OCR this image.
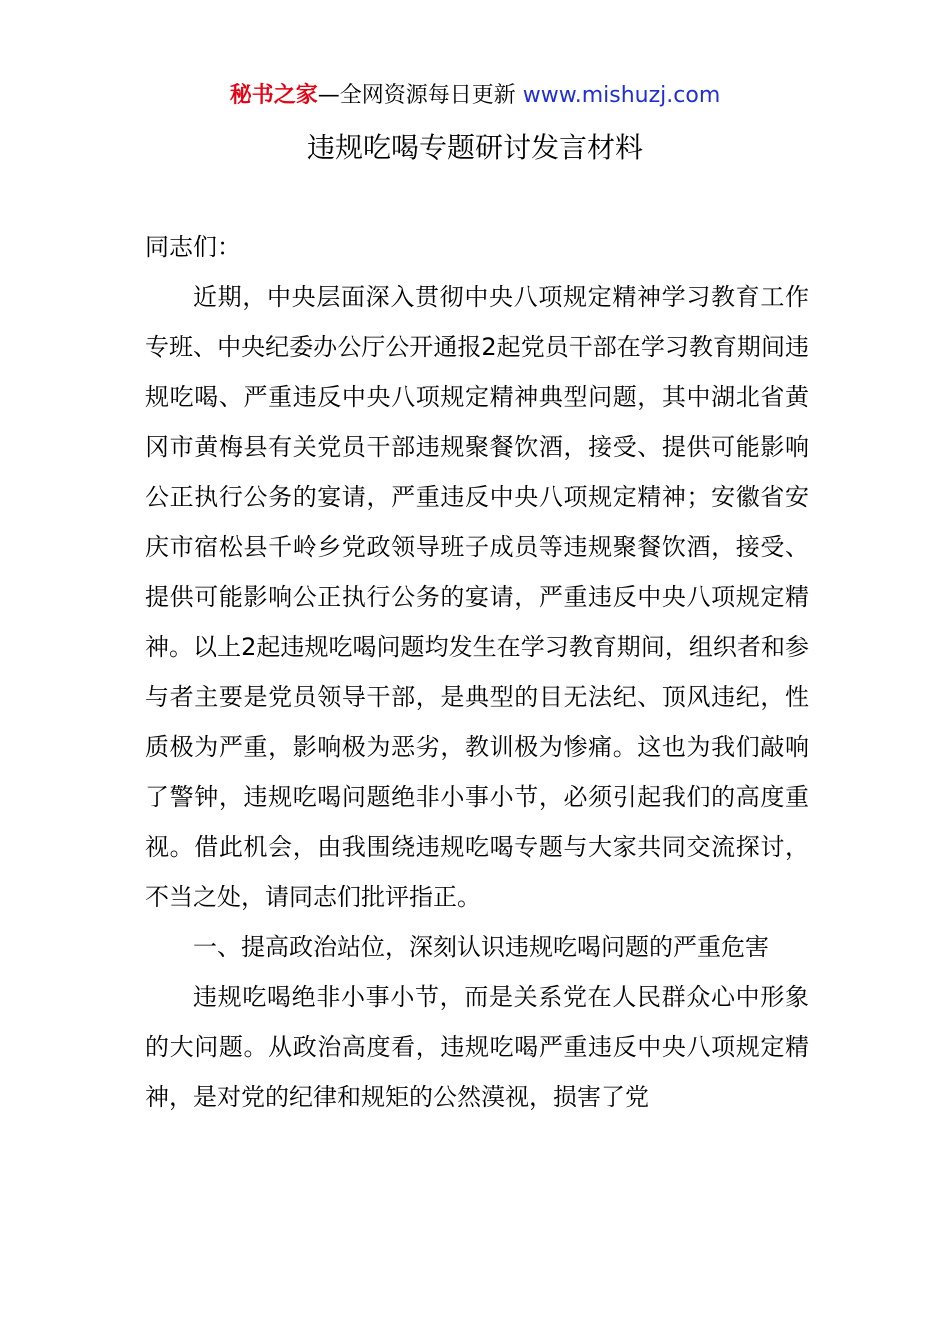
秘书之家—全网资源每日更新 www.mishuzj.com
违规吃喝专题研讨发言材料

同志们：

近期，中央层面深入贯彻中央八项规定精神学习教育工作专班、中央纪委办公厅公开通报2起党员干部在学习教育期间违规吃喝、严重违反中央八项规定精神典型问题，其中湖北省黄冈市黄梅县有关党员干部违规聚餐饮酒，接受、提供可能影响公正执行公务的宴请，严重违反中央八项规定精神；安徽省安庆市宿松县千岭乡党政领导班子成员等违规聚餐饮酒，接受、提供可能影响公正执行公务的宴请，严重违反中央八项规定精神。以上2起违规吃喝问题均发生在学习教育期间，组织者和参与者主要是党员领导干部，是典型的目无法纪、顶风违纪，性质极为严重，影响极为恶劣，教训极为惨痛。这也为我们敲响了警钟，违规吃喝问题绝非小事小节，必须引起我们的高度重视。借此机会，由我围绕违规吃喝专题与大家共同交流探讨，不当之处，请同志们批评指正。

一、提高政治站位，深刻认识违规吃喝问题的严重危害

违规吃喝绝非小事小节，而是关系党在人民群众心中形象的大问题。从政治高度看，违规吃喝严重违反中央八项规定精神，是对党的纪律和规矩的公然漠视，损害了党
